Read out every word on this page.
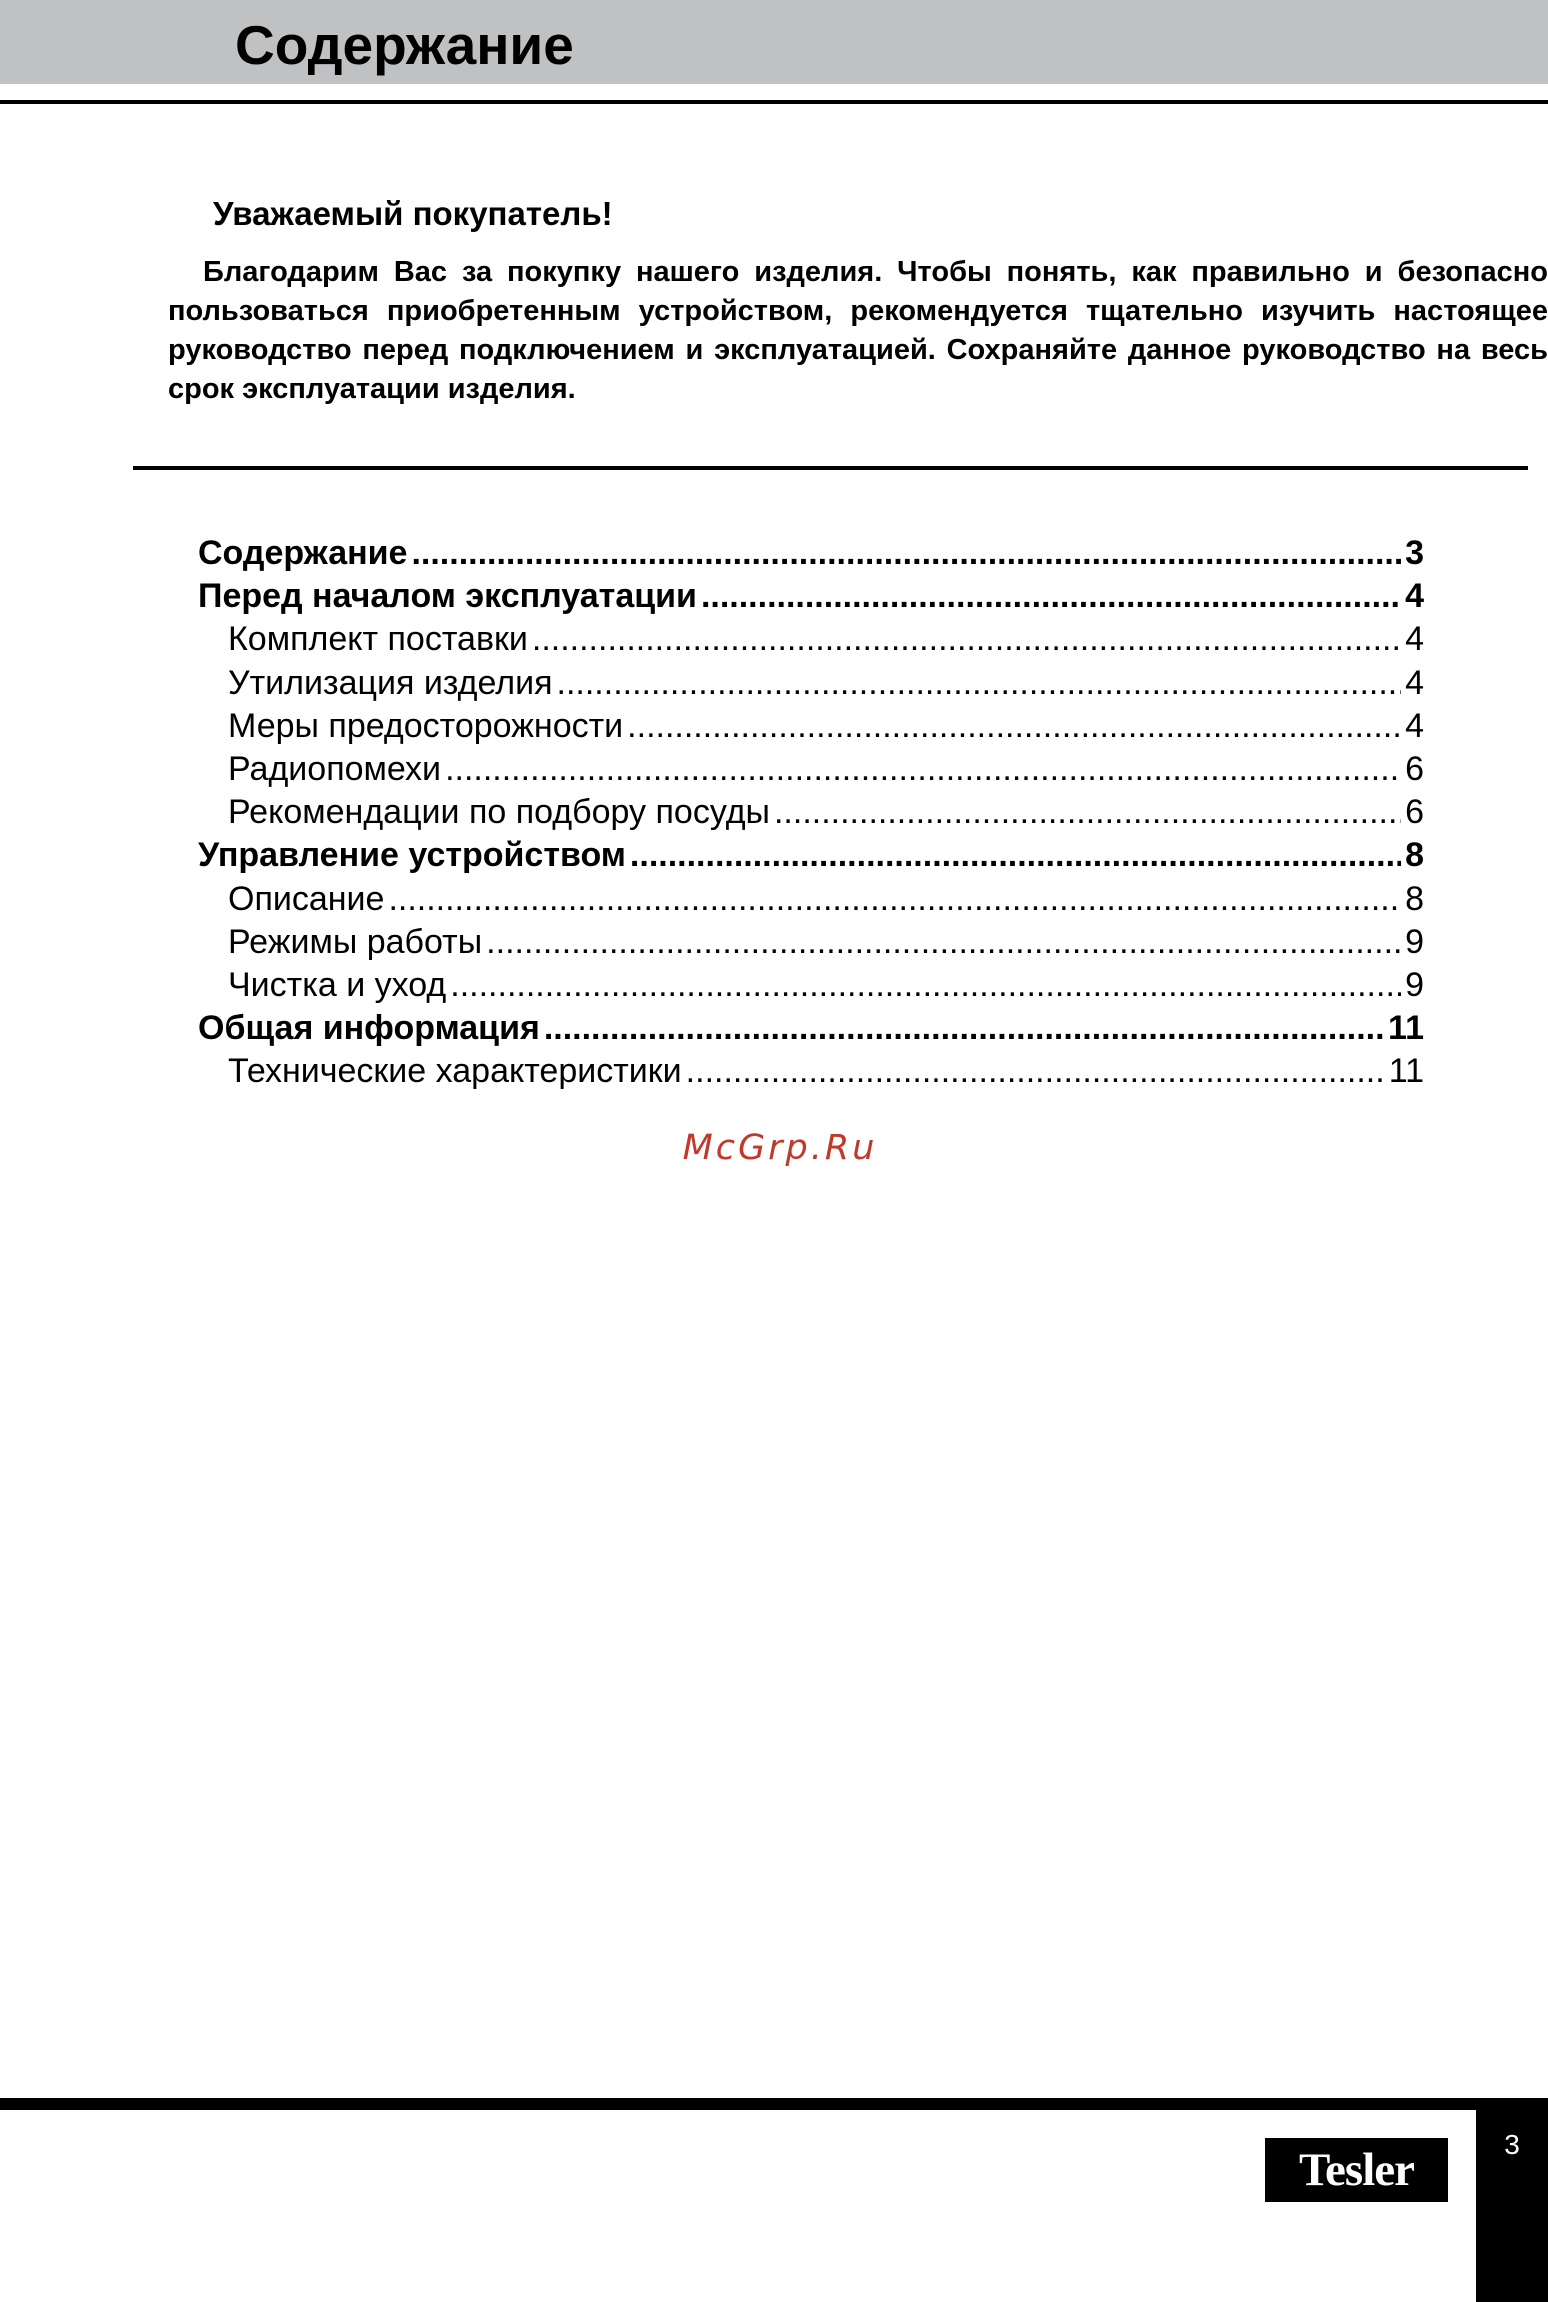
Содержание
Уважаемый покупатель!

Благодарим Вас за покупку нашего изделия. Чтобы понять, как правильно и безопасно пользоваться приобретенным устройством, рекомендуется тщательно изучить настоящее руководство перед подключением и эксплуатацией. Сохраняйте данное руководство на весь срок эксплуатации изделия.

Содержание .....	3
Перед началом эксплуатации .....	4
Комплект поставки .....	4
Утилизация изделия .....	4
Меры предосторожности .....	4
Радиопомехи .....	6
Рекомендации по подбору посуды .....	6
Управление устройством .....	8
Описание .....	8
Режимы работы .....	9
Чистка и уход .....	9
Общая информация .....	11
Технические характеристики .....	11
McGrp.Ru
3
Tesler
